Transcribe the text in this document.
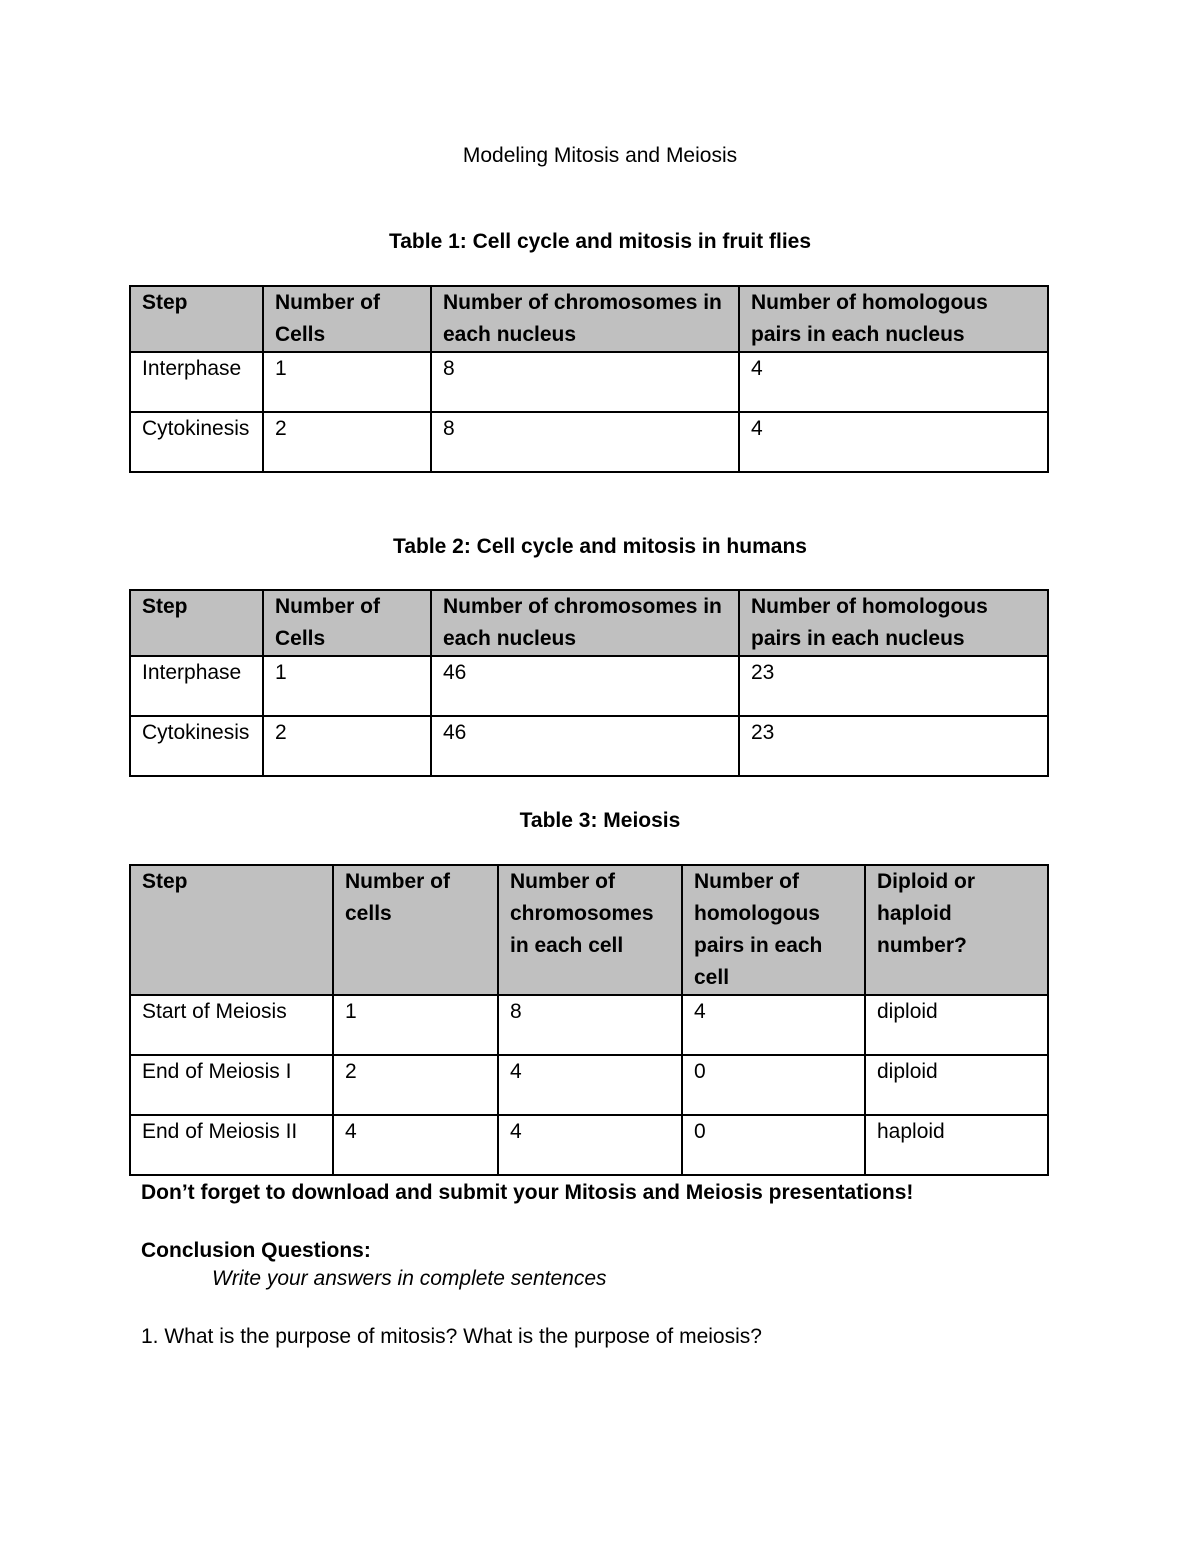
Modeling Mitosis and Meiosis
Table 1: Cell cycle and mitosis in fruit flies
Step	Number of Cells	Number of chromosomes in each nucleus	Number of homologous pairs in each nucleus
Interphase	1	8	4
Cytokinesis	2	8	4
Table 2: Cell cycle and mitosis in humans
Step	Number of Cells	Number of chromosomes in each nucleus	Number of homologous pairs in each nucleus
Interphase	1	46	23
Cytokinesis	2	46	23
Table 3: Meiosis
Step	Number of cells	Number of chromosomes in each cell	Number of homologous pairs in each cell	Diploid or haploid number?
Start of Meiosis	1	8	4	diploid
End of Meiosis I	2	4	0	diploid
End of Meiosis II	4	4	0	haploid
Don’t forget to download and submit your Mitosis and Meiosis presentations!
Conclusion Questions:
Write your answers in complete sentences
1. What is the purpose of mitosis? What is the purpose of meiosis?
